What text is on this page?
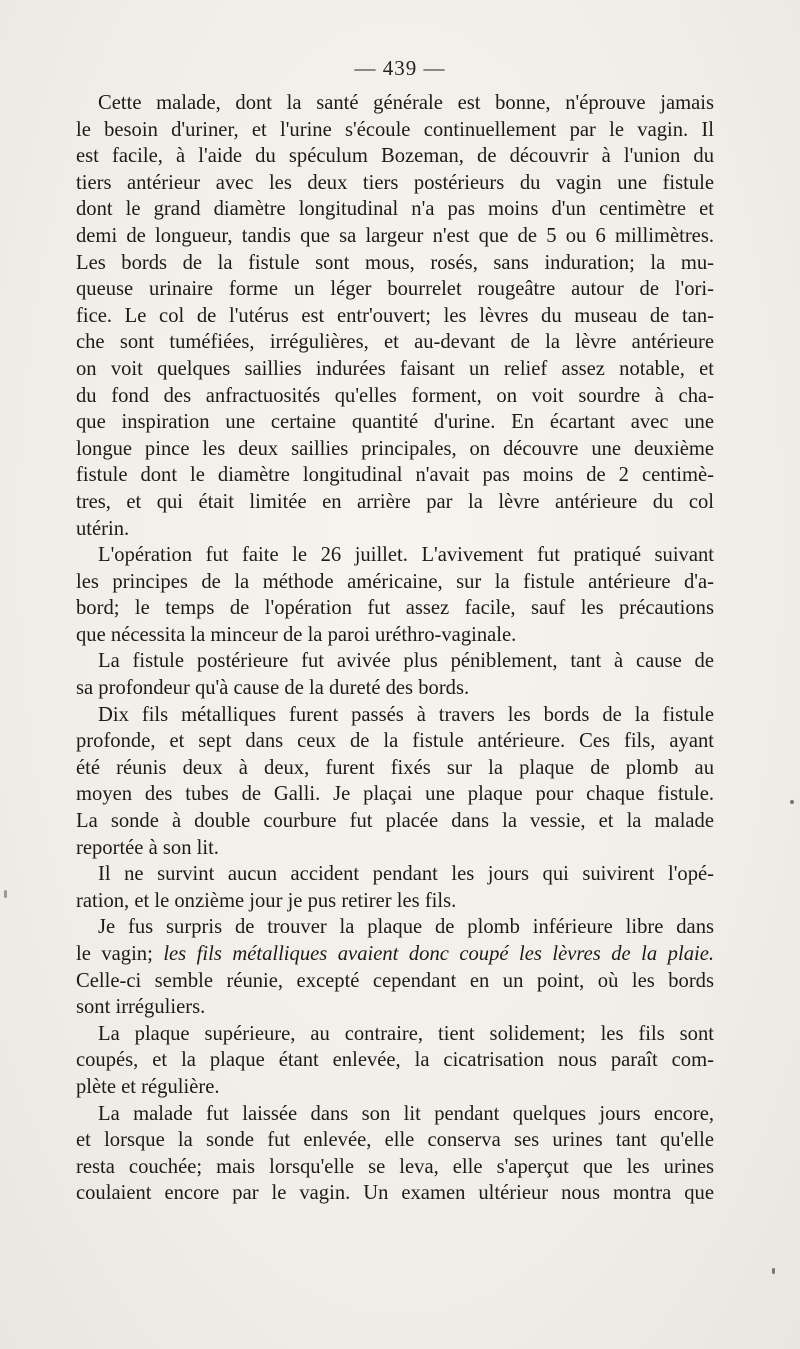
— 439 —
Cette malade, dont la santé générale est bonne, n'éprouve jamais
le besoin d'uriner, et l'urine s'écoule continuellement par le vagin. Il
est facile, à l'aide du spéculum Bozeman, de découvrir à l'union du
tiers antérieur avec les deux tiers postérieurs du vagin une fistule
dont le grand diamètre longitudinal n'a pas moins d'un centimètre et
demi de longueur, tandis que sa largeur n'est que de 5 ou 6 millimètres.
Les bords de la fistule sont mous, rosés, sans induration; la mu-
queuse urinaire forme un léger bourrelet rougeâtre autour de l'ori-
fice. Le col de l'utérus est entr'ouvert; les lèvres du museau de tan-
che sont tuméfiées, irrégulières, et au-devant de la lèvre antérieure
on voit quelques saillies indurées faisant un relief assez notable, et
du fond des anfractuosités qu'elles forment, on voit sourdre à cha-
que inspiration une certaine quantité d'urine. En écartant avec une
longue pince les deux saillies principales, on découvre une deuxième
fistule dont le diamètre longitudinal n'avait pas moins de 2 centimè-
tres, et qui était limitée en arrière par la lèvre antérieure du col
utérin.
L'opération fut faite le 26 juillet. L'avivement fut pratiqué suivant
les principes de la méthode américaine, sur la fistule antérieure d'a-
bord; le temps de l'opération fut assez facile, sauf les précautions
que nécessita la minceur de la paroi uréthro-vaginale.
La fistule postérieure fut avivée plus péniblement, tant à cause de
sa profondeur qu'à cause de la dureté des bords.
Dix fils métalliques furent passés à travers les bords de la fistule
profonde, et sept dans ceux de la fistule antérieure. Ces fils, ayant
été réunis deux à deux, furent fixés sur la plaque de plomb au
moyen des tubes de Galli. Je plaçai une plaque pour chaque fistule.
La sonde à double courbure fut placée dans la vessie, et la malade
reportée à son lit.
Il ne survint aucun accident pendant les jours qui suivirent l'opé-
ration, et le onzième jour je pus retirer les fils.
Je fus surpris de trouver la plaque de plomb inférieure libre dans
le vagin; les fils métalliques avaient donc coupé les lèvres de la plaie.
Celle-ci semble réunie, excepté cependant en un point, où les bords
sont irréguliers.
La plaque supérieure, au contraire, tient solidement; les fils sont
coupés, et la plaque étant enlevée, la cicatrisation nous paraît com-
plète et régulière.
La malade fut laissée dans son lit pendant quelques jours encore,
et lorsque la sonde fut enlevée, elle conserva ses urines tant qu'elle
resta couchée; mais lorsqu'elle se leva, elle s'aperçut que les urines
coulaient encore par le vagin. Un examen ultérieur nous montra que
